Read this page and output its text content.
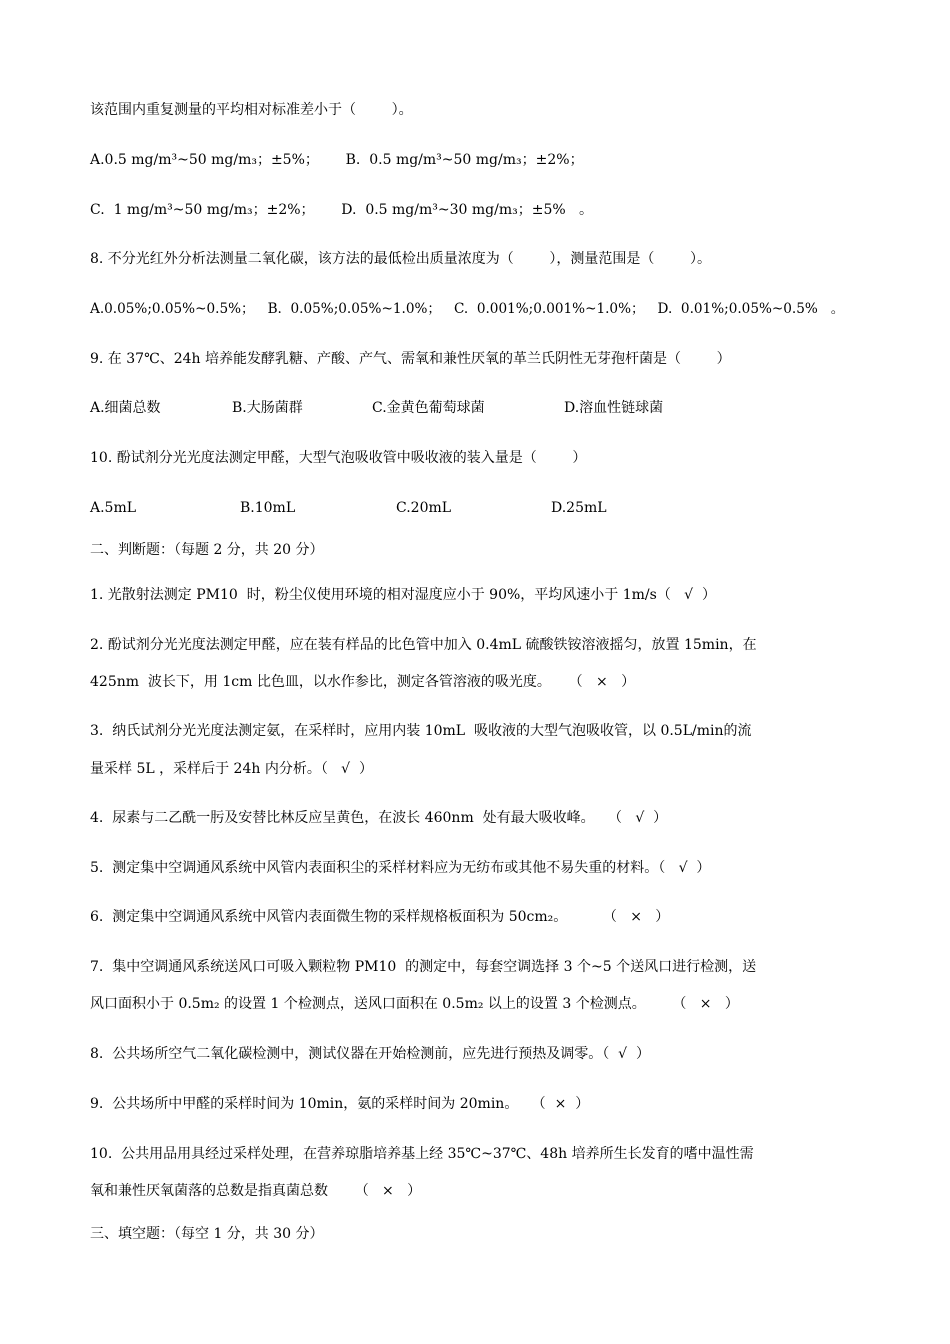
该范围内重复测量的平均相对标准差小于（        ）。
A.0.5 mg/m³~50 mg/m₃；±5%；      B.  0.5 mg/m³~50 mg/m₃；±2%；
C.  1 mg/m³~50 mg/m₃；±2%；      D.  0.5 mg/m³~30 mg/m₃；±5%   。
8. 不分光红外分析法测量二氧化碳，该方法的最低检出质量浓度为（        ），测量范围是（        ）。
A.0.05%;0.05%~0.5%；   B.  0.05%;0.05%~1.0%；   C.  0.001%;0.001%~1.0%；   D.  0.01%;0.05%~0.5%   。
9. 在 37℃、24h 培养能发酵乳糖、产酸、产气、需氧和兼性厌氧的革兰氏阴性无芽孢杆菌是（        ）
A.细菌总数	B.大肠菌群	C.金黄色葡萄球菌	D.溶血性链球菌
10. 酚试剂分光光度法测定甲醛，大型气泡吸收管中吸收液的装入量是（        ）
A.5mL	B.10mL	C.20mL	D.25mL
二、判断题：（每题 2 分，共 20 分）
1. 光散射法测定 PM10  时，粉尘仪使用环境的相对湿度应小于 90%，平均风速小于 1m/s（   √  ）
2. 酚试剂分光光度法测定甲醛，应在装有样品的比色管中加入 0.4mL 硫酸铁铵溶液摇匀，放置 15min，在
425nm  波长下，用 1cm 比色皿，以水作参比，测定各管溶液的吸光度。    （   ×   ）
3.  纳氏试剂分光光度法测定氨，在采样时，应用内装 10mL  吸收液的大型气泡吸收管，以 0.5L/min的流
量采样 5L ，采样后于 24h 内分析。（   √  ）
4.  尿素与二乙酰一肟及安替比林反应呈黄色，在波长 460nm  处有最大吸收峰。   （   √  ）
5.  测定集中空调通风系统中风管内表面积尘的采样材料应为无纺布或其他不易失重的材料。（   √  ）
6.  测定集中空调通风系统中风管内表面微生物的采样规格板面积为 50cm₂。        （   ×   ）
7.  集中空调通风系统送风口可吸入颗粒物 PM10  的测定中，每套空调选择 3 个~5 个送风口进行检测，送
风口面积小于 0.5m₂ 的设置 1 个检测点，送风口面积在 0.5m₂ 以上的设置 3 个检测点。      （   ×   ）
8.  公共场所空气二氧化碳检测中，测试仪器在开始检测前，应先进行预热及调零。（  √  ）
9.  公共场所中甲醛的采样时间为 10min，氨的采样时间为 20min。   （  ×  ）
10.  公共用品用具经过采样处理，在营养琼脂培养基上经 35℃~37℃、48h 培养所生长发育的嗜中温性需
氧和兼性厌氧菌落的总数是指真菌总数      （   ×   ）
三、填空题：（每空 1 分，共 30 分）
